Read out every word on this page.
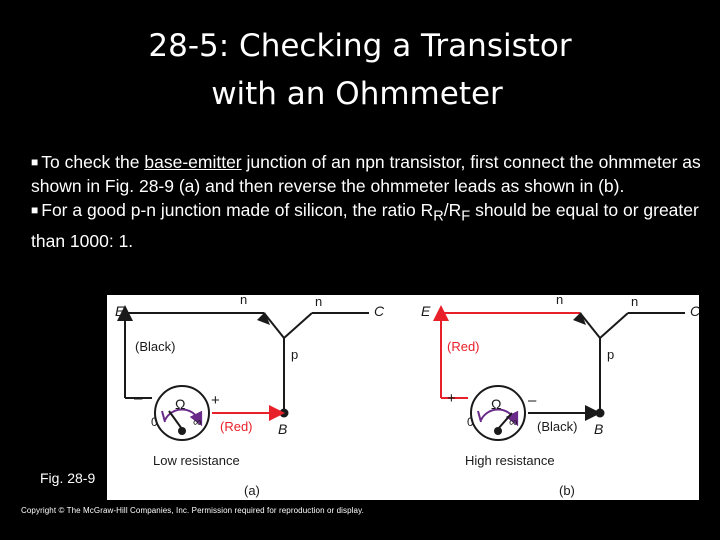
28-5: Checking a Transistor
with an Ohmmeter
■ To check the base-emitter junction of an npn transistor, first connect the ohmmeter as shown in Fig. 28-9 (a) and then reverse the ohmmeter leads as shown in (b).
■ For a good p-n junction made of silicon, the ratio $R_R/R_F$ should be equal to or greater than 1000: 1.
E	C
n	n
p
B
(Black)
(Red)
Ω
0	∞
–	+
Low resistance
(a)
E	C
n	n
p
B
(Red)
(Black)
Ω
0	∞
+	–
High resistance
(b)
Fig. 28-9
Copyright © The McGraw-Hill Companies, Inc. Permission required for reproduction or display.
